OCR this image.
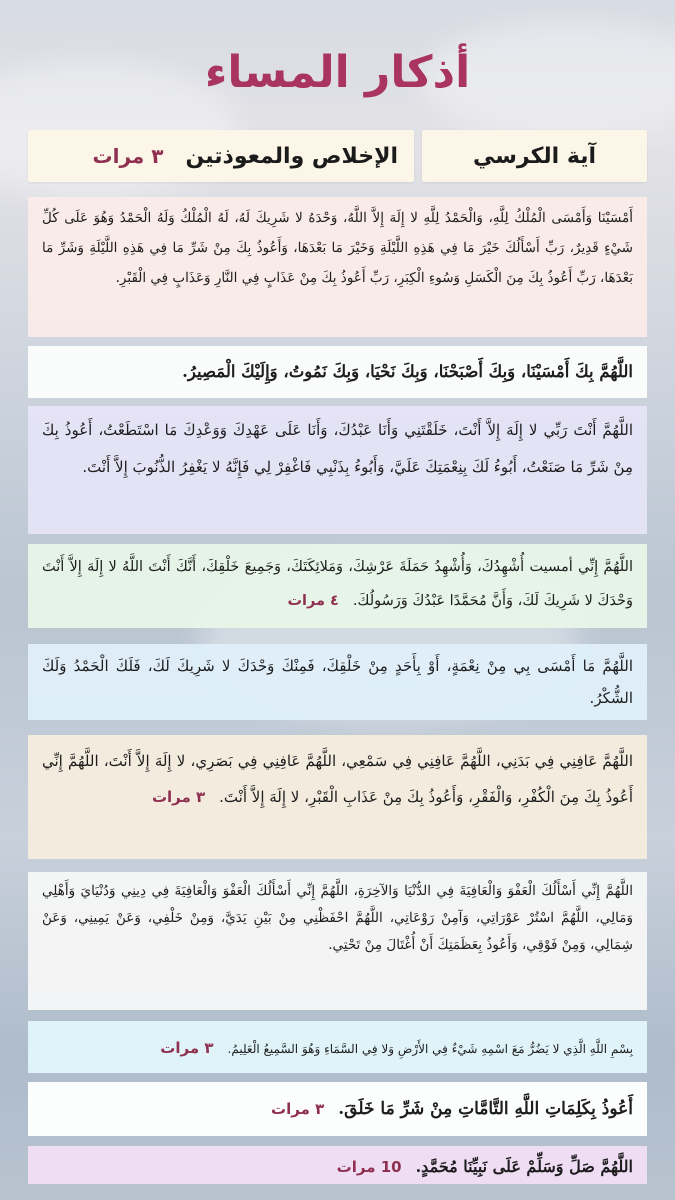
أذكار المساء
آية الكرسي
الإخلاص والمعوذتين
٣ مرات
أَمْسَيْنَا وَأَمْسَى الْمُلْكُ لِلَّهِ، وَالْحَمْدُ لِلَّهِ لا إِلَهَ إِلاَّ اللَّهُ، وَحْدَهُ لا شَرِيكَ لَهُ، لَهُ الْمُلْكُ وَلَهُ الْحَمْدُ وَهُوَ عَلَى كُلِّ شَيْءٍ قَدِيرٌ، رَبِّ أَسْأَلُكَ خَيْرَ مَا فِي هَذِهِ اللَّيْلَةِ وَخَيْرَ مَا بَعْدَهَا، وَأَعُوذُ بِكَ مِنْ شَرِّ مَا فِي هَذِهِ اللَّيْلَةِ وَشَرِّ مَا بَعْدَهَا، رَبِّ أَعُوذُ بِكَ مِنَ الْكَسَلِ وَسُوءِ الْكِبَرِ، رَبِّ أَعُوذُ بِكَ مِنْ عَذَابٍ فِي النَّارِ وَعَذَابٍ فِي الْقَبْرِ.
اللَّهُمَّ بِكَ أَمْسَيْنَا، وَبِكَ أَصْبَحْنَا، وَبِكَ نَحْيَا، وَبِكَ نَمُوتُ، وَإِلَيْكَ الْمَصِيرُ.
اللَّهُمَّ أَنْتَ رَبِّي لا إِلَهَ إِلاَّ أَنْتَ، خَلَقْتَنِي وَأَنَا عَبْدُكَ، وَأَنَا عَلَى عَهْدِكَ وَوَعْدِكَ مَا اسْتَطَعْتُ، أَعُوذُ بِكَ مِنْ شَرِّ مَا صَنَعْتُ، أَبُوءُ لَكَ بِنِعْمَتِكَ عَلَيَّ، وَأَبُوءُ بِذَنْبِي فَاغْفِرْ لِي فَإِنَّهُ لا يَغْفِرُ الذُّنُوبَ إِلاَّ أَنْتَ.
اللَّهُمَّ إِنِّي أمسيت أُشْهِدُكَ، وَأُشْهِدُ حَمَلَةَ عَرْشِكَ، وَمَلائِكَتَكَ، وَجَمِيعَ خَلْقِكَ، أَنَّكَ أَنْتَ اللَّهُ لا إِلَهَ إِلاَّ أَنْتَ وَحْدَكَ لا شَرِيكَ لَكَ، وَأَنَّ مُحَمَّدًا عَبْدُكَ وَرَسُولُكَ.٤ مرات
اللَّهُمَّ مَا أَمْسَى بِي مِنْ نِعْمَةٍ، أَوْ بِأَحَدٍ مِنْ خَلْقِكَ، فَمِنْكَ وَحْدَكَ لا شَرِيكَ لَكَ، فَلَكَ الْحَمْدُ وَلَكَ الشُّكْرُ.
اللَّهُمَّ عَافِنِي فِي بَدَنِي، اللَّهُمَّ عَافِنِي فِي سَمْعِي، اللَّهُمَّ عَافِنِي فِي بَصَرِي، لا إِلَهَ إِلاَّ أَنْتَ، اللَّهُمَّ إِنِّي أَعُوذُ بِكَ مِنَ الْكُفْرِ، وَالْفَقْرِ، وَأَعُوذُ بِكَ مِنْ عَذَابِ الْقَبْرِ، لا إِلَهَ إِلاَّ أَنْتَ.٣ مرات
اللَّهُمَّ إِنِّي أَسْأَلُكَ الْعَفْوَ وَالْعَافِيَةَ فِي الدُّنْيَا وَالآخِرَةِ، اللَّهُمَّ إِنِّي أَسْأَلُكَ الْعَفْوَ وَالْعَافِيَةَ فِي دِينِي وَدُنْيَايَ وَأَهْلِي وَمَالِي، اللَّهُمَّ اسْتُرْ عَوْرَاتِي، وَآمِنْ رَوْعَاتِي، اللَّهُمَّ احْفَظْنِي مِنْ بَيْنِ يَدَيَّ، وَمِنْ خَلْفِي، وَعَنْ يَمِينِي، وَعَنْ شِمَالِي، وَمِنْ فَوْقِي، وَأَعُوذُ بِعَظَمَتِكَ أَنْ أُغْتَالَ مِنْ تَحْتِي.
بِسْمِ اللَّهِ الَّذِي لا يَضُرُّ مَعَ اسْمِهِ شَيْءٌ فِي الأَرْضِ وَلا فِي السَّمَاءِ وَهُوَ السَّمِيعُ الْعَلِيمُ.٣ مرات
أَعُوذُ بِكَلِمَاتِ اللَّهِ التَّامَّاتِ مِنْ شَرِّ مَا خَلَقَ.٣ مرات
اللَّهُمَّ صَلِّ وَسَلِّمْ عَلَى نَبِيِّنَا مُحَمَّدٍ.10 مرات
